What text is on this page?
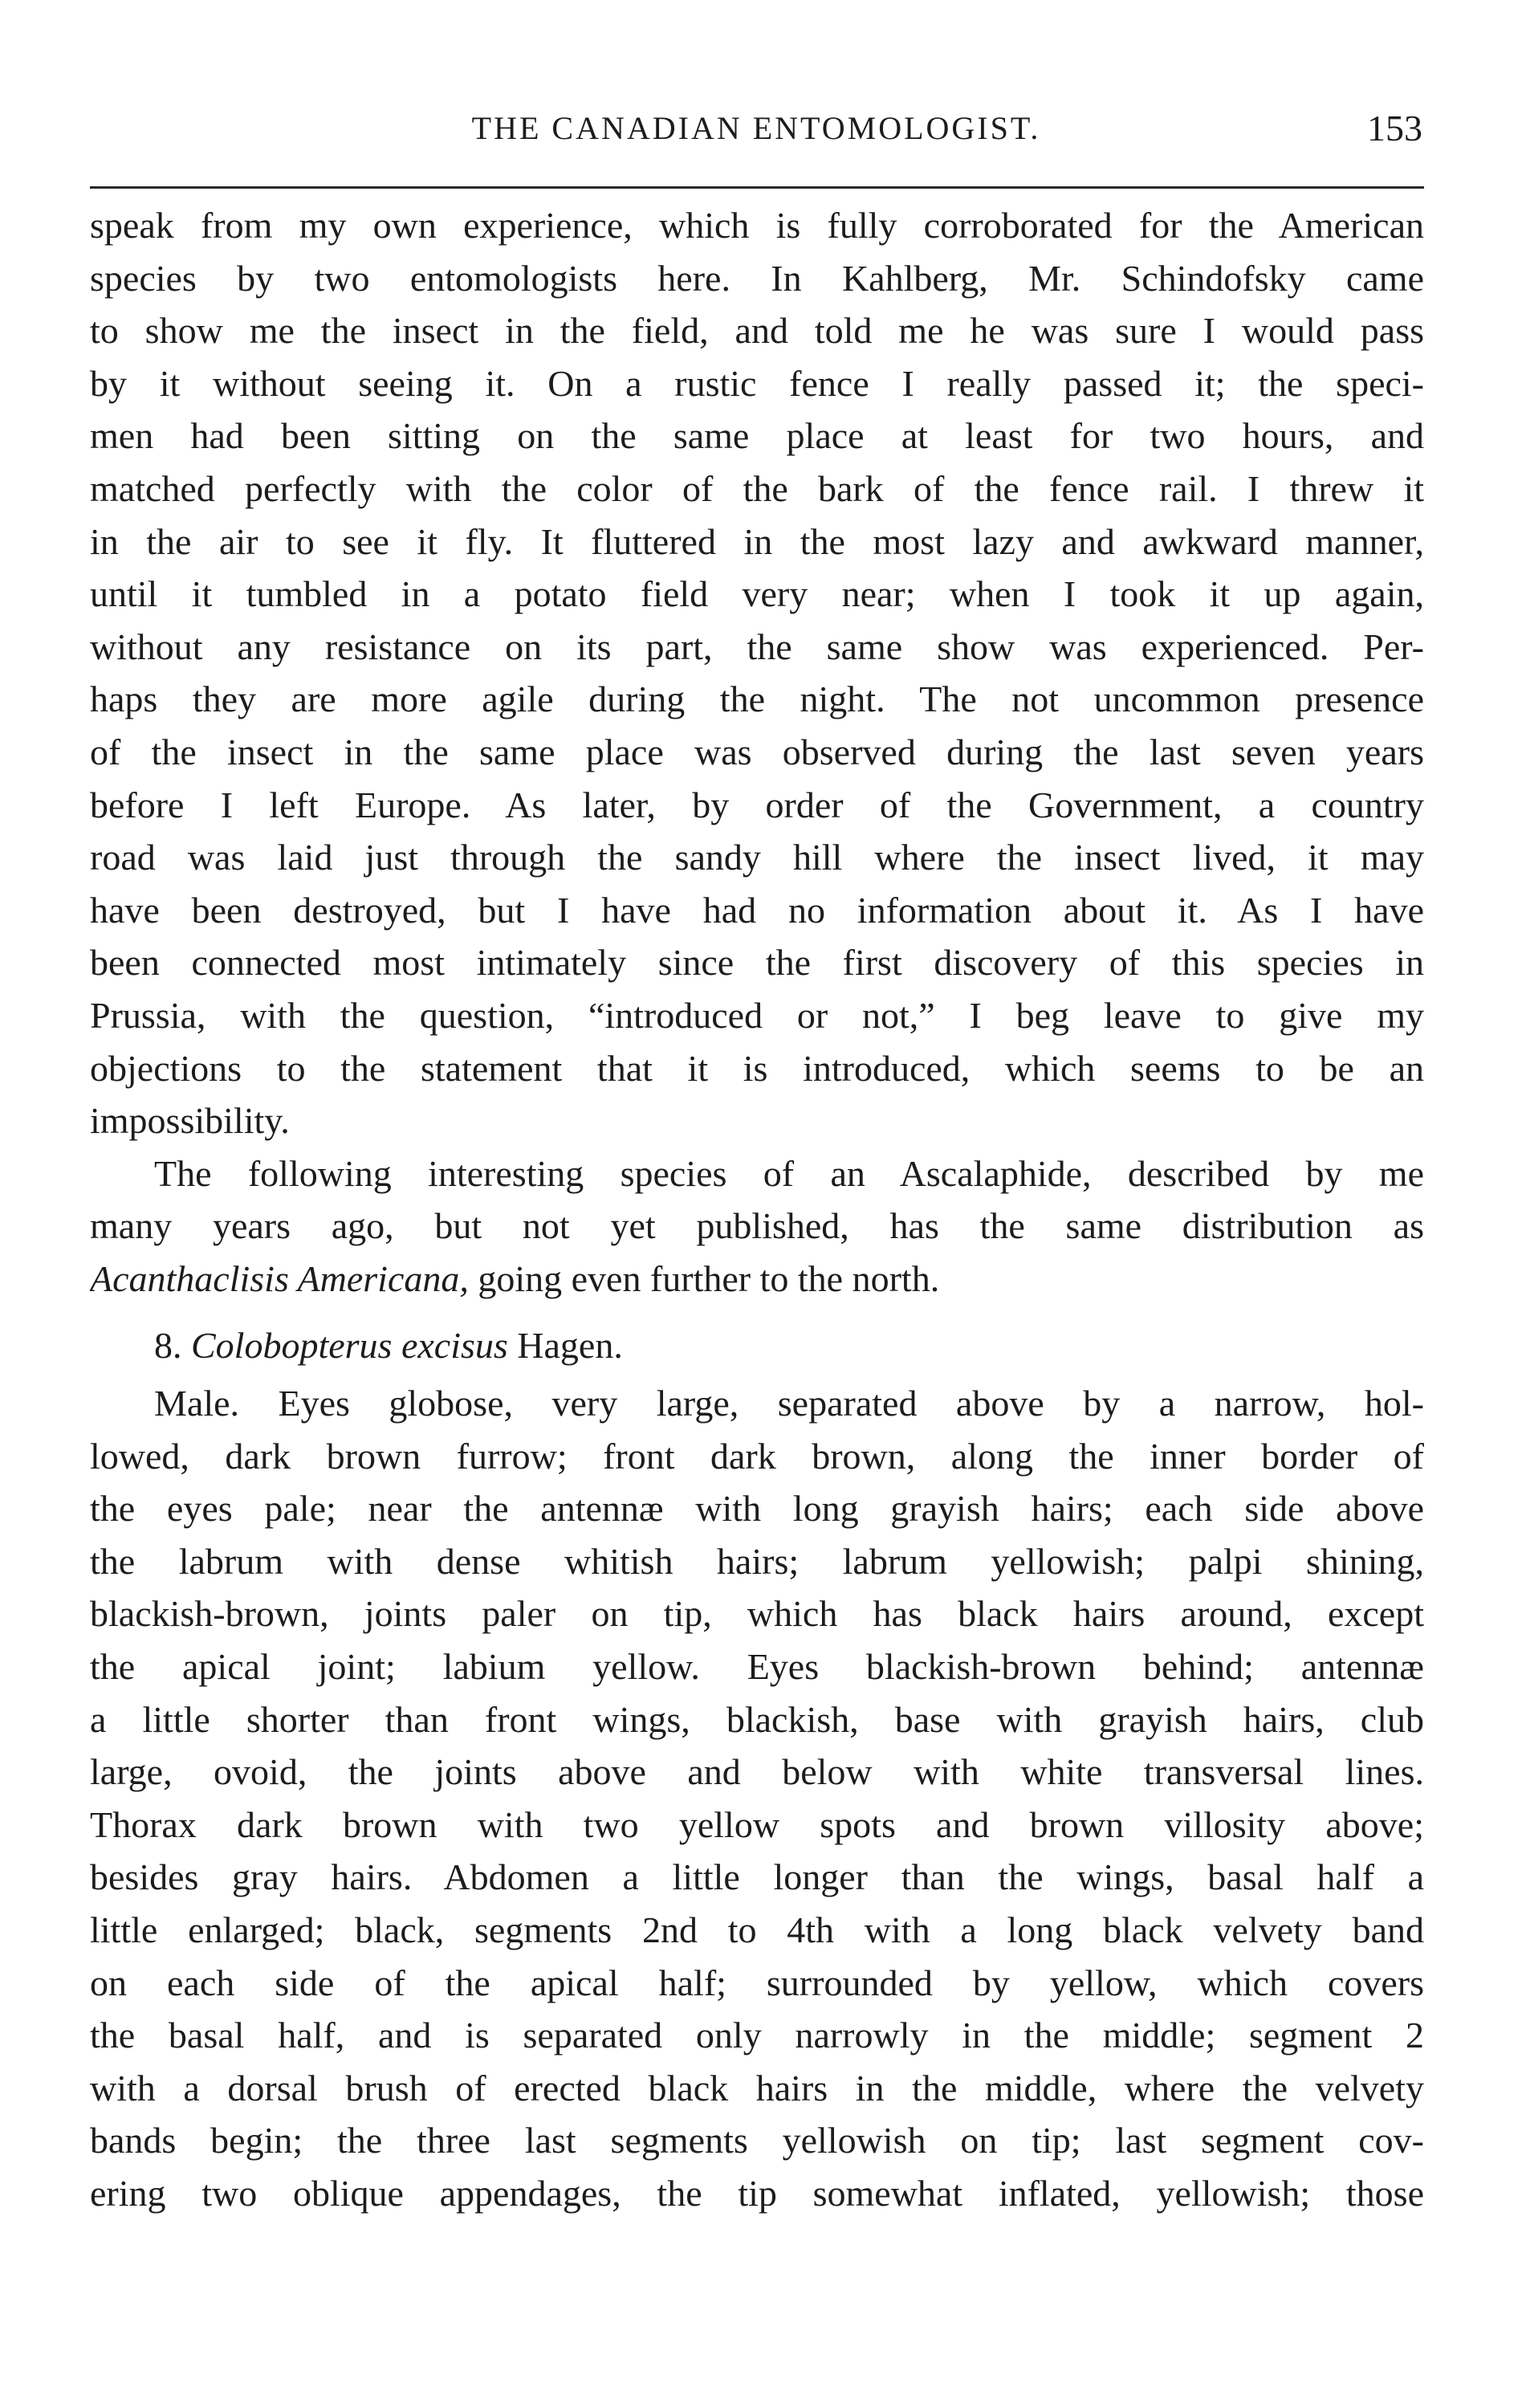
THE CANADIAN ENTOMOLOGIST.	153
speak from my own experience, which is fully corroborated for the American
species by two entomologists here. In Kahlberg, Mr. Schindofsky came
to show me the insect in the field, and told me he was sure I would pass
by it without seeing it. On a rustic fence I really passed it; the speci-
men had been sitting on the same place at least for two hours, and
matched perfectly with the color of the bark of the fence rail. I threw it
in the air to see it fly. It fluttered in the most lazy and awkward manner,
until it tumbled in a potato field very near; when I took it up again,
without any resistance on its part, the same show was experienced. Per-
haps they are more agile during the night. The not uncommon presence
of the insect in the same place was observed during the last seven years
before I left Europe. As later, by order of the Government, a country
road was laid just through the sandy hill where the insect lived, it may
have been destroyed, but I have had no information about it. As I have
been connected most intimately since the first discovery of this species in
Prussia, with the question, “introduced or not,” I beg leave to give my
objections to the statement that it is introduced, which seems to be an
impossibility.
The following interesting species of an Ascalaphide, described by me
many years ago, but not yet published, has the same distribution as
Acanthaclisis Americana, going even further to the north.
8. Colobopterus excisus Hagen.
Male. Eyes globose, very large, separated above by a narrow, hol-
lowed, dark brown furrow; front dark brown, along the inner border of
the eyes pale; near the antennæ with long grayish hairs; each side above
the labrum with dense whitish hairs; labrum yellowish; palpi shining,
blackish-brown, joints paler on tip, which has black hairs around, except
the apical joint; labium yellow. Eyes blackish-brown behind; antennæ
a little shorter than front wings, blackish, base with grayish hairs, club
large, ovoid, the joints above and below with white transversal lines.
Thorax dark brown with two yellow spots and brown villosity above;
besides gray hairs. Abdomen a little longer than the wings, basal half a
little enlarged; black, segments 2nd to 4th with a long black velvety band
on each side of the apical half; surrounded by yellow, which covers
the basal half, and is separated only narrowly in the middle; segment 2
with a dorsal brush of erected black hairs in the middle, where the velvety
bands begin; the three last segments yellowish on tip; last segment cov-
ering two oblique appendages, the tip somewhat inflated, yellowish; those
